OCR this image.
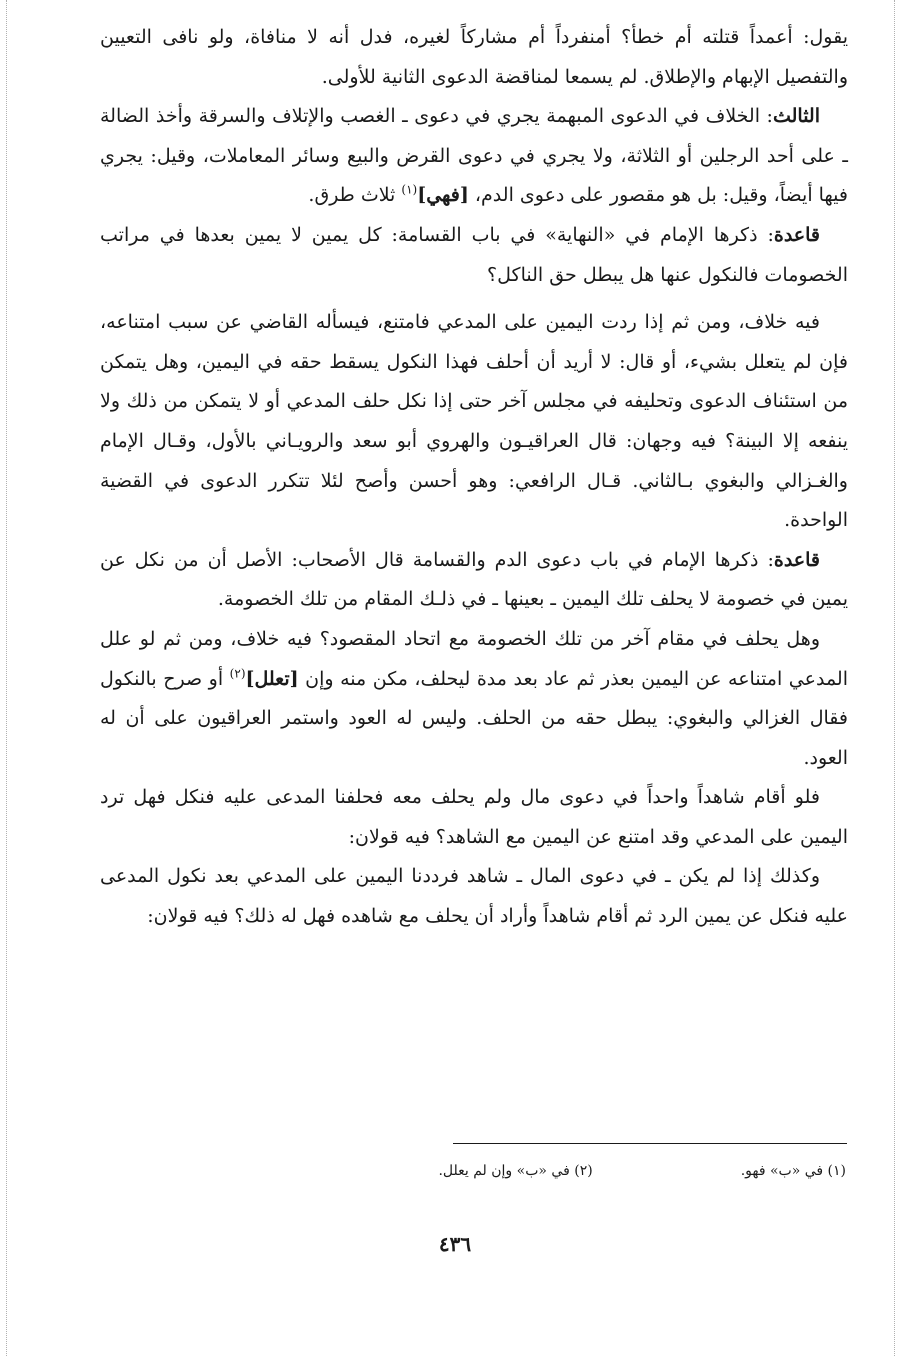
يقول: أعمداً قتلته أم خطأ؟ أمنفرداً أم مشاركاً لغيره، فدل أنه لا منافاة، ولو نافى التعيين والتفصيل الإبهام والإطلاق. لم يسمعا لمناقضة الدعوى الثانية للأولى.

الثالث: الخلاف في الدعوى المبهمة يجري في دعوى ـ الغصب والإتلاف والسرقة وأخذ الضالة ـ على أحد الرجلين أو الثلاثة، ولا يجري في دعوى القرض والبيع وسائر المعاملات، وقيل: يجري فيها أيضاً، وقيل: بل هو مقصور على دعوى الدم، [فهي]$^{(١)}$ ثلاث طرق.

قاعدة: ذكرها الإمام في «النهاية» في باب القسامة: كل يمين لا يمين بعدها في مراتب الخصومات فالنكول عنها هل يبطل حق الناكل؟

فيه خلاف، ومن ثم إذا ردت اليمين على المدعي فامتنع، فيسأله القاضي عن سبب امتناعه، فإن لم يتعلل بشيء، أو قال: لا أريد أن أحلف فهذا النكول يسقط حقه في اليمين، وهل يتمكن من استئناف الدعوى وتحليفه في مجلس آخر حتى إذا نكل حلف المدعي أو لا يتمكن من ذلك ولا ينفعه إلا البينة؟ فيه وجهان: قال العراقيـون والهروي أبو سعد والرويـاني بالأول، وقـال الإمام والغـزالي والبغوي بـالثاني. قـال الرافعي: وهو أحسن وأصح لئلا تتكرر الدعوى في القضية الواحدة.

قاعدة: ذكرها الإمام في باب دعوى الدم والقسامة قال الأصحاب: الأصل أن من نكل عن يمين في خصومة لا يحلف تلك اليمين ـ بعينها ـ في ذلـك المقام من تلك الخصومة.

وهل يحلف في مقام آخر من تلك الخصومة مع اتحاد المقصود؟ فيه خلاف، ومن ثم لو علل المدعي امتناعه عن اليمين بعذر ثم عاد بعد مدة ليحلف، مكن منه وإن [تعلل]$^{(٢)}$ أو صرح بالنكول فقال الغزالي والبغوي: يبطل حقه من الحلف. وليس له العود واستمر العراقيون على أن له العود.

فلو أقام شاهداً واحداً في دعوى مال ولم يحلف معه فحلفنا المدعى عليه فنكل فهل ترد اليمين على المدعي وقد امتنع عن اليمين مع الشاهد؟ فيه قولان:

وكذلك إذا لم يكن ـ في دعوى المال ـ شاهد فرددنا اليمين على المدعي بعد نكول المدعى عليه فنكل عن يمين الرد ثم أقام شاهداً وأراد أن يحلف مع شاهده فهل له ذلك؟ فيه قولان:

(١) في «ب» فهو.
(٢) في «ب» وإن لم يعلل.
٤٣٦
